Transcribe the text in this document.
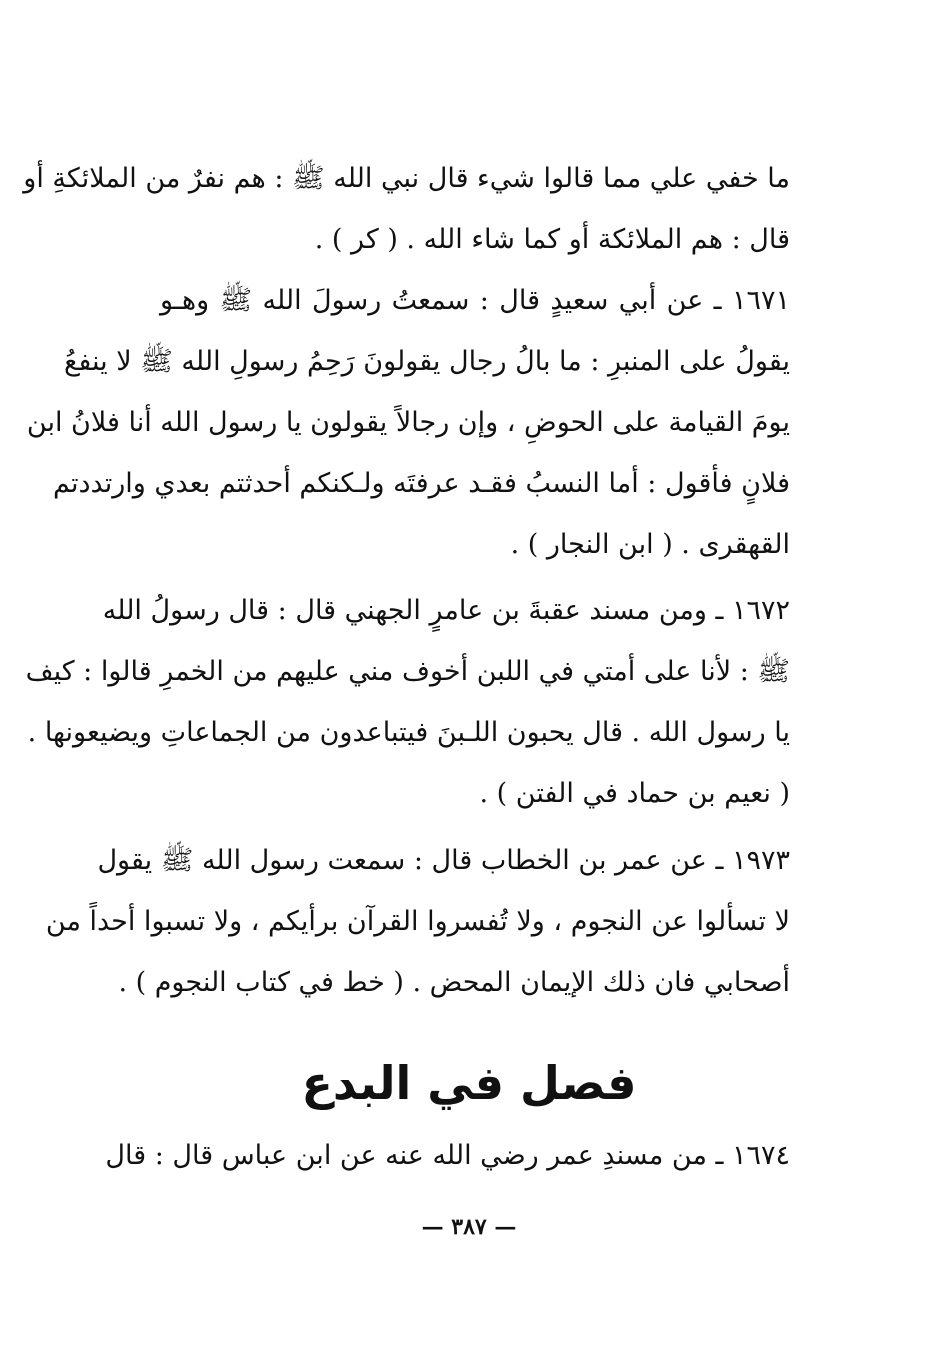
ما خفي علي مما قالوا شيء قال نبي الله ﷺ : هم نفرٌ من الملائكةِ أو
قال : هم الملائكة أو كما شاء الله . ( كر ) .
١٦٧١ ـ عن أبي سعيدٍ قال : سمعتُ رسولَ الله ﷺ وهـو
يقولُ على المنبرِ : ما بالُ رجال يقولونَ رَحِمُ رسولِ الله ﷺ لا ينفعُ
يومَ القيامة على الحوضِ ، وإن رجالاً يقولون يا رسول الله أنا فلانُ ابن
فلانٍ فأقول : أما النسبُ فقـد عرفتَه ولـكنكم أحدثتم بعدي وارتددتم
القهقرى . ( ابن النجار ) .
١٦٧٢ ـ ومن مسند عقبةَ بن عامرٍ الجهني قال : قال رسولُ الله
ﷺ : لأنا على أمتي في اللبن أخوف مني عليهم من الخمرِ قالوا : كيف
يا رسول الله . قال يحبون اللـبنَ فيتباعدون من الجماعاتِ ويضيعونها .
( نعيم بن حماد في الفتن ) .
١٩٧٣ ـ عن عمر بن الخطاب قال : سمعت رسول الله ﷺ يقول
لا تسألوا عن النجوم ، ولا تُفسروا القرآن برأيكم ، ولا تسبوا أحداً من
أصحابي فان ذلك الإيمان المحض . ( خط في كتاب النجوم ) .
فصل في البدع
١٦٧٤ ـ من مسندِ عمر رضي الله عنه عن ابن عباس قال : قال
— ٣٨٧ —
